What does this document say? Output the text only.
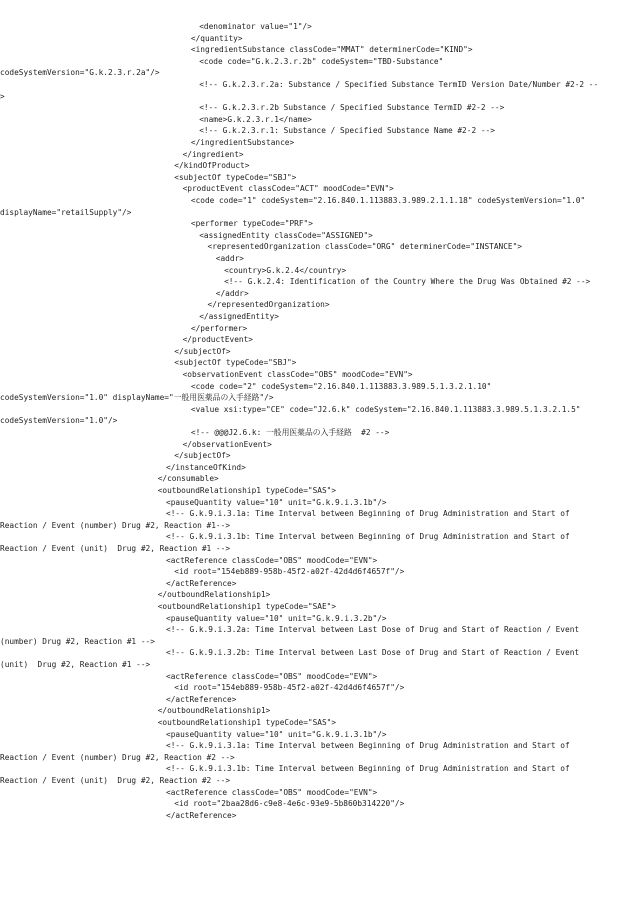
<denominator value="1"/>
</quantity>
<ingredientSubstance classCode="MMAT" determinerCode="KIND">
<code code="G.k.2.3.r.2b" codeSystem="TBD-Substance"
codeSystemVersion="G.k.2.3.r.2a"/>
<!-- G.k.2.3.r.2a: Substance / Specified Substance TermID Version Date/Number #2-2 --
>
<!-- G.k.2.3.r.2b Substance / Specified Substance TermID #2-2 -->
<name>G.k.2.3.r.1</name>
<!-- G.k.2.3.r.1: Substance / Specified Substance Name #2-2 -->
</ingredientSubstance>
</ingredient>
</kindOfProduct>
<subjectOf typeCode="SBJ">
<productEvent classCode="ACT" moodCode="EVN">
<code code="1" codeSystem="2.16.840.1.113883.3.989.2.1.1.18" codeSystemVersion="1.0"
displayName="retailSupply"/>
<performer typeCode="PRF">
<assignedEntity classCode="ASSIGNED">
<representedOrganization classCode="ORG" determinerCode="INSTANCE">
<addr>
<country>G.k.2.4</country>
<!-- G.k.2.4: Identification of the Country Where the Drug Was Obtained #2 -->
</addr>
</representedOrganization>
</assignedEntity>
</performer>
</productEvent>
</subjectOf>
<subjectOf typeCode="SBJ">
<observationEvent classCode="OBS" moodCode="EVN">
<code code="2" codeSystem="2.16.840.1.113883.3.989.5.1.3.2.1.10"
codeSystemVersion="1.0" displayName="一般用医薬品の入手経路"/>
<value xsi:type="CE" code="J2.6.k" codeSystem="2.16.840.1.113883.3.989.5.1.3.2.1.5"
codeSystemVersion="1.0"/>
<!-- @@@J2.6.k: 一般用医薬品の入手経路  #2 -->
</observationEvent>
</subjectOf>
</instanceOfKind>
</consumable>
<outboundRelationship1 typeCode="SAS">
<pauseQuantity value="10" unit="G.k.9.i.3.1b"/>
<!-- G.k.9.i.3.1a: Time Interval between Beginning of Drug Administration and Start of
Reaction / Event (number) Drug #2, Reaction #1-->
<!-- G.k.9.i.3.1b: Time Interval between Beginning of Drug Administration and Start of
Reaction / Event (unit)  Drug #2, Reaction #1 -->
<actReference classCode="OBS" moodCode="EVN">
<id root="154eb889-958b-45f2-a02f-42d4d6f4657f"/>
</actReference>
</outboundRelationship1>
<outboundRelationship1 typeCode="SAE">
<pauseQuantity value="10" unit="G.k.9.i.3.2b"/>
<!-- G.k.9.i.3.2a: Time Interval between Last Dose of Drug and Start of Reaction / Event
(number) Drug #2, Reaction #1 -->
<!-- G.k.9.i.3.2b: Time Interval between Last Dose of Drug and Start of Reaction / Event
(unit)  Drug #2, Reaction #1 -->
<actReference classCode="OBS" moodCode="EVN">
<id root="154eb889-958b-45f2-a02f-42d4d6f4657f"/>
</actReference>
</outboundRelationship1>
<outboundRelationship1 typeCode="SAS">
<pauseQuantity value="10" unit="G.k.9.i.3.1b"/>
<!-- G.k.9.i.3.1a: Time Interval between Beginning of Drug Administration and Start of
Reaction / Event (number) Drug #2, Reaction #2 -->
<!-- G.k.9.i.3.1b: Time Interval between Beginning of Drug Administration and Start of
Reaction / Event (unit)  Drug #2, Reaction #2 -->
<actReference classCode="OBS" moodCode="EVN">
<id root="2baa28d6-c9e8-4e6c-93e9-5b860b314220"/>
</actReference>
